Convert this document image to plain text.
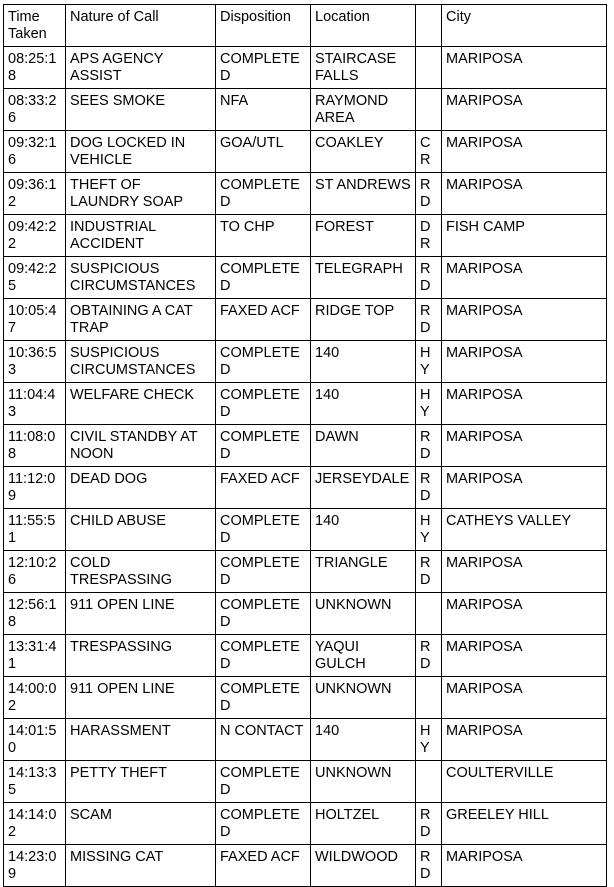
Time Taken	Nature of Call	Disposition	Location		City
08:25:18	APS AGENCY ASSIST	COMPLETED	STAIRCASE FALLS		MARIPOSA
08:33:26	SEES SMOKE	NFA	RAYMOND AREA		MARIPOSA
09:32:16	DOG LOCKED IN VEHICLE	GOA/UTL	COAKLEY	CR	MARIPOSA
09:36:12	THEFT OF LAUNDRY SOAP	COMPLETED	ST ANDREWS	RD	MARIPOSA
09:42:22	INDUSTRIAL ACCIDENT	TO CHP	FOREST	DR	FISH CAMP
09:42:25	SUSPICIOUS CIRCUMSTANCES	COMPLETED	TELEGRAPH	RD	MARIPOSA
10:05:47	OBTAINING A CAT TRAP	FAXED ACF	RIDGE TOP	RD	MARIPOSA
10:36:53	SUSPICIOUS CIRCUMSTANCES	COMPLETED	140	HY	MARIPOSA
11:04:43	WELFARE CHECK	COMPLETED	140	HY	MARIPOSA
11:08:08	CIVIL STANDBY AT NOON	COMPLETED	DAWN	RD	MARIPOSA
11:12:09	DEAD DOG	FAXED ACF	JERSEYDALE	RD	MARIPOSA
11:55:51	CHILD ABUSE	COMPLETED	140	HY	CATHEYS VALLEY
12:10:26	COLD TRESPASSING	COMPLETED	TRIANGLE	RD	MARIPOSA
12:56:18	911 OPEN LINE	COMPLETED	UNKNOWN		MARIPOSA
13:31:41	TRESPASSING	COMPLETED	YAQUI GULCH	RD	MARIPOSA
14:00:02	911 OPEN LINE	COMPLETED	UNKNOWN		MARIPOSA
14:01:50	HARASSMENT	N CONTACT	140	HY	MARIPOSA
14:13:35	PETTY THEFT	COMPLETED	UNKNOWN		COULTERVILLE
14:14:02	SCAM	COMPLETED	HOLTZEL	RD	GREELEY HILL
14:23:09	MISSING CAT	FAXED ACF	WILDWOOD	RD	MARIPOSA
